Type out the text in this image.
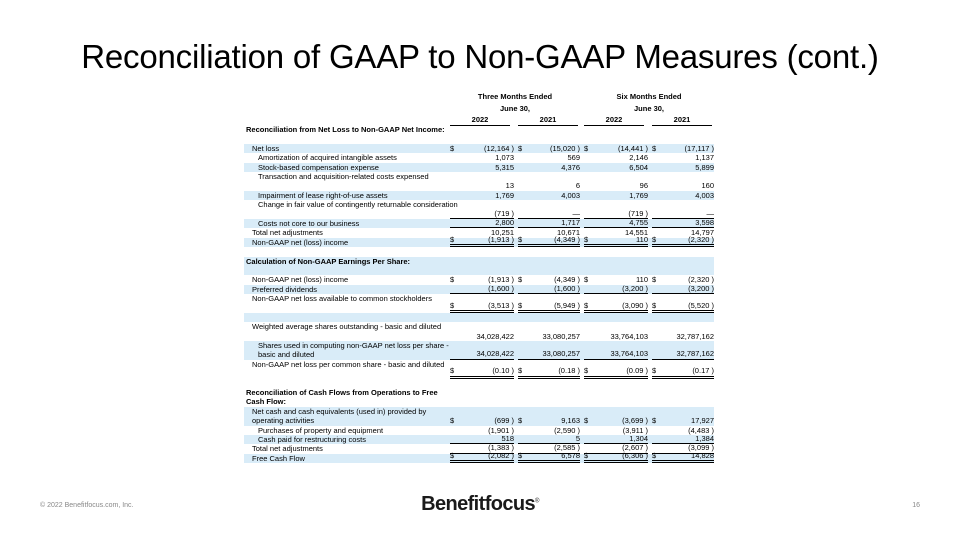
Reconciliation of GAAP to Non-GAAP Measures (cont.)
Three Months Ended	Six Months Ended
June 30,	June 30,
2022	2021	2022	2021
Reconciliation from Net Loss to Non-GAAP Net Income:
Net loss	$	(12,164 ) $	(15,020 ) $	(14,441 ) $	(17,117 )
Amortization of acquired intangible assets	1,073	569	2,146	1,137
Stock-based compensation expense	5,315	4,376	6,504	5,899
Transaction and acquisition-related costs expensed
13	6	96	160
Impairment of lease right-of-use assets	1,769	4,003	1,769	4,003
Change in fair value of contingently returnable consideration
(719 )	—	(719 )	—
Costs not core to our business	2,800	1,717	4,755	3,598
Total net adjustments	10,251	10,671	14,551	14,797
Non-GAAP net (loss) income	$	(1,913 ) $	(4,349 ) $	110 $	(2,320 )
Calculation of Non-GAAP Earnings Per Share:
Non-GAAP net (loss) income	$	(1,913 ) $	(4,349 ) $	110 $	(2,320 )
Preferred dividends	(1,600 )	(1,600 )	(3,200 )	(3,200 )
Non-GAAP net loss available to common stockholders
$	(3,513 ) $	(5,949 ) $	(3,090 ) $	(5,520 )
Weighted average shares outstanding - basic and diluted
34,028,422	33,080,257	33,764,103	32,787,162
Shares used in computing non-GAAP net loss per share - basic and diluted	34,028,422	33,080,257	33,764,103	32,787,162
Non-GAAP net loss per common share - basic and diluted
$	(0.10 ) $	(0.18 ) $	(0.09 ) $	(0.17 )
Reconciliation of Cash Flows from Operations to Free Cash Flow:
Net cash and cash equivalents (used in) provided by operating activities	$	(699 ) $	9,163 $	(3,699 ) $	17,927
Purchases of property and equipment	(1,901 )	(2,590 )	(3,911 )	(4,483 )
Cash paid for restructuring costs	518	5	1,304	1,384
Total net adjustments	(1,383 )	(2,585 )	(2,607 )	(3,099 )
Free Cash Flow	$	(2,082 ) $	6,578 $	(6,306 ) $	14,828
© 2022 Benefitfocus.com, Inc.	Benefitfocus®
16
